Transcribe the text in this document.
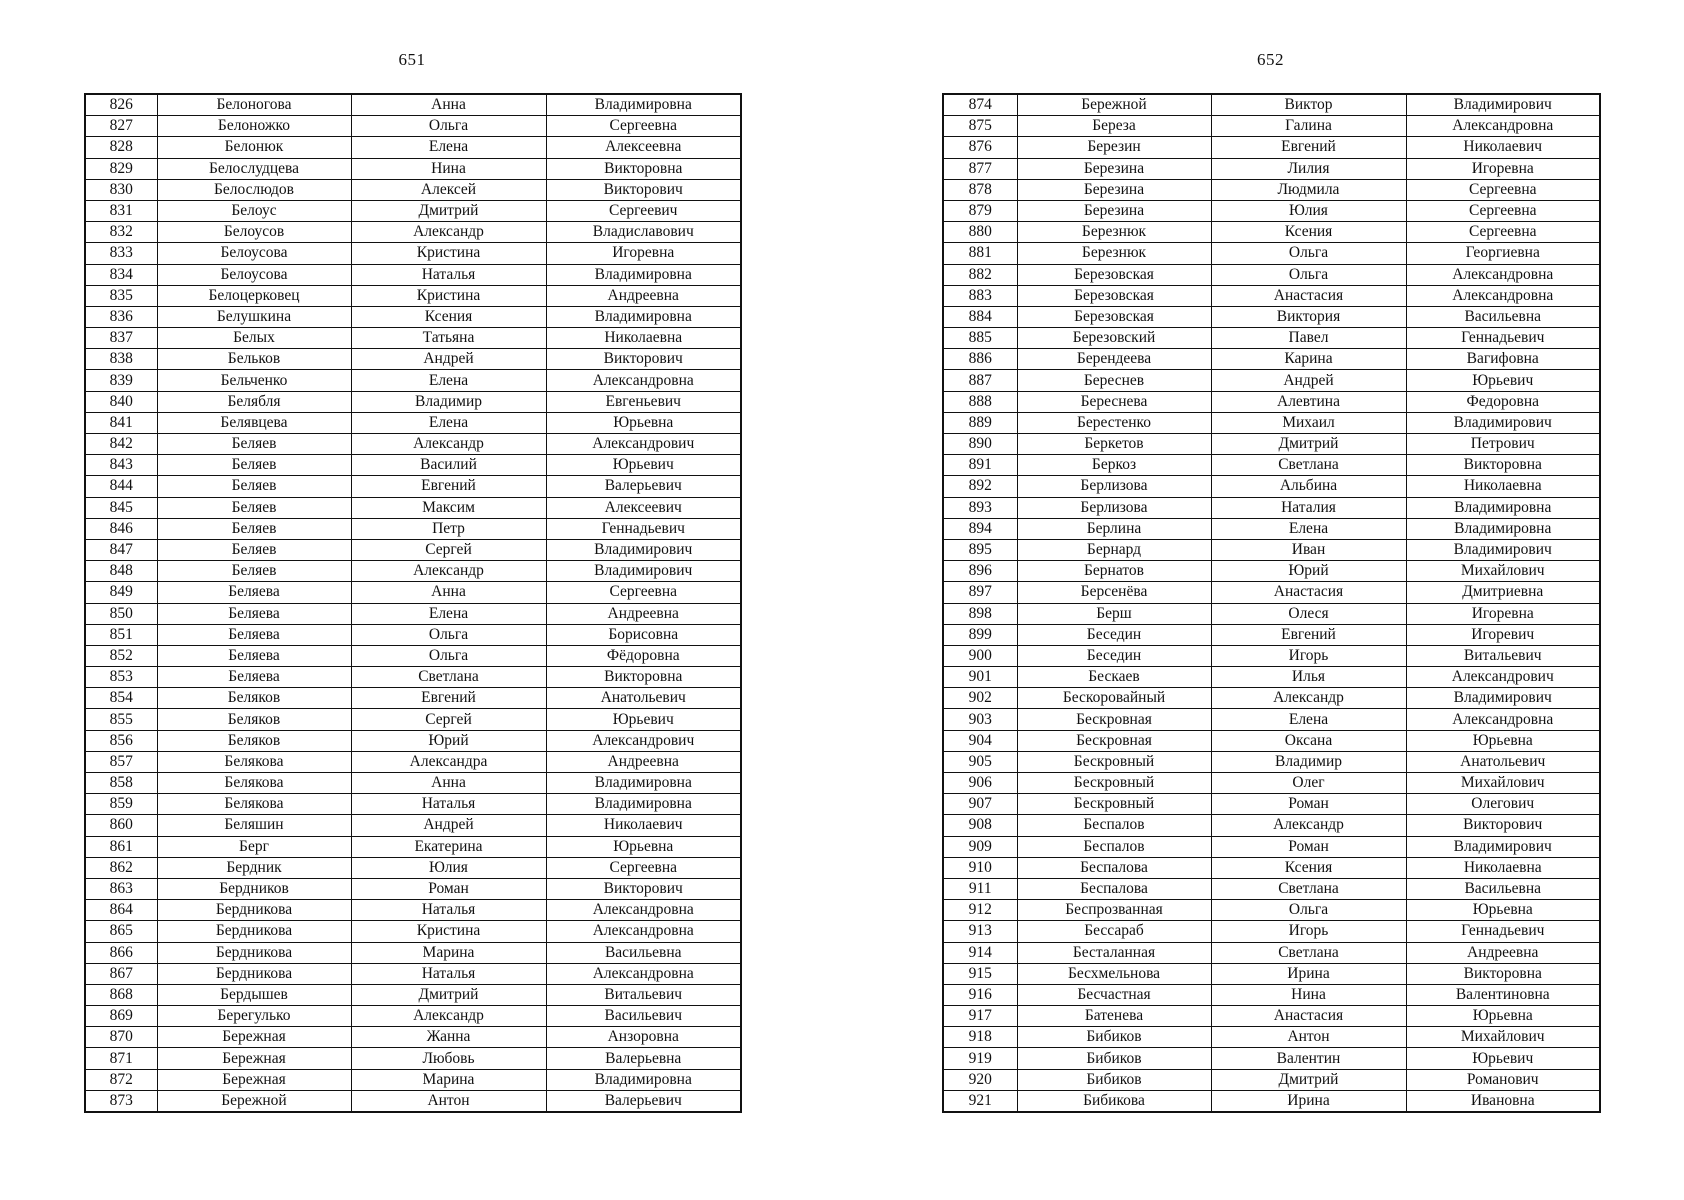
651
826	Белоногова	Анна	Владимировна
827	Белоножко	Ольга	Сергеевна
828	Белонюк	Елена	Алексеевна
829	Белослудцева	Нина	Викторовна
830	Белослюдов	Алексей	Викторович
831	Белоус	Дмитрий	Сергеевич
832	Белоусов	Александр	Владиславович
833	Белоусова	Кристина	Игоревна
834	Белоусова	Наталья	Владимировна
835	Белоцерковец	Кристина	Андреевна
836	Белушкина	Ксения	Владимировна
837	Белых	Татьяна	Николаевна
838	Бельков	Андрей	Викторович
839	Бельченко	Елена	Александровна
840	Белябля	Владимир	Евгеньевич
841	Белявцева	Елена	Юрьевна
842	Беляев	Александр	Александрович
843	Беляев	Василий	Юрьевич
844	Беляев	Евгений	Валерьевич
845	Беляев	Максим	Алексеевич
846	Беляев	Петр	Геннадьевич
847	Беляев	Сергей	Владимирович
848	Беляев	Александр	Владимирович
849	Беляева	Анна	Сергеевна
850	Беляева	Елена	Андреевна
851	Беляева	Ольга	Борисовна
852	Беляева	Ольга	Фёдоровна
853	Беляева	Светлана	Викторовна
854	Беляков	Евгений	Анатольевич
855	Беляков	Сергей	Юрьевич
856	Беляков	Юрий	Александрович
857	Белякова	Александра	Андреевна
858	Белякова	Анна	Владимировна
859	Белякова	Наталья	Владимировна
860	Беляшин	Андрей	Николаевич
861	Берг	Екатерина	Юрьевна
862	Бердник	Юлия	Сергеевна
863	Бердников	Роман	Викторович
864	Бердникова	Наталья	Александровна
865	Бердникова	Кристина	Александровна
866	Бердникова	Марина	Васильевна
867	Бердникова	Наталья	Александровна
868	Бердышев	Дмитрий	Витальевич
869	Берегулько	Александр	Васильевич
870	Бережная	Жанна	Анзоровна
871	Бережная	Любовь	Валерьевна
872	Бережная	Марина	Владимировна
873	Бережной	Антон	Валерьевич
652
874	Бережной	Виктор	Владимирович
875	Береза	Галина	Александровна
876	Березин	Евгений	Николаевич
877	Березина	Лилия	Игоревна
878	Березина	Людмила	Сергеевна
879	Березина	Юлия	Сергеевна
880	Березнюк	Ксения	Сергеевна
881	Березнюк	Ольга	Георгиевна
882	Березовская	Ольга	Александровна
883	Березовская	Анастасия	Александровна
884	Березовская	Виктория	Васильевна
885	Березовский	Павел	Геннадьевич
886	Берендеева	Карина	Вагифовна
887	Береснев	Андрей	Юрьевич
888	Береснева	Алевтина	Федоровна
889	Берестенко	Михаил	Владимирович
890	Беркетов	Дмитрий	Петрович
891	Беркоз	Светлана	Викторовна
892	Берлизова	Альбина	Николаевна
893	Берлизова	Наталия	Владимировна
894	Берлина	Елена	Владимировна
895	Бернард	Иван	Владимирович
896	Бернатов	Юрий	Михайлович
897	Берсенёва	Анастасия	Дмитриевна
898	Берш	Олеся	Игоревна
899	Беседин	Евгений	Игоревич
900	Беседин	Игорь	Витальевич
901	Бескаев	Илья	Александрович
902	Бескоровайный	Александр	Владимирович
903	Бескровная	Елена	Александровна
904	Бескровная	Оксана	Юрьевна
905	Бескровный	Владимир	Анатольевич
906	Бескровный	Олег	Михайлович
907	Бескровный	Роман	Олегович
908	Беспалов	Александр	Викторович
909	Беспалов	Роман	Владимирович
910	Беспалова	Ксения	Николаевна
911	Беспалова	Светлана	Васильевна
912	Беспрозванная	Ольга	Юрьевна
913	Бессараб	Игорь	Геннадьевич
914	Бесталанная	Светлана	Андреевна
915	Бесхмельнова	Ирина	Викторовна
916	Бесчастная	Нина	Валентиновна
917	Батенева	Анастасия	Юрьевна
918	Бибиков	Антон	Михайлович
919	Бибиков	Валентин	Юрьевич
920	Бибиков	Дмитрий	Романович
921	Бибикова	Ирина	Ивановна
